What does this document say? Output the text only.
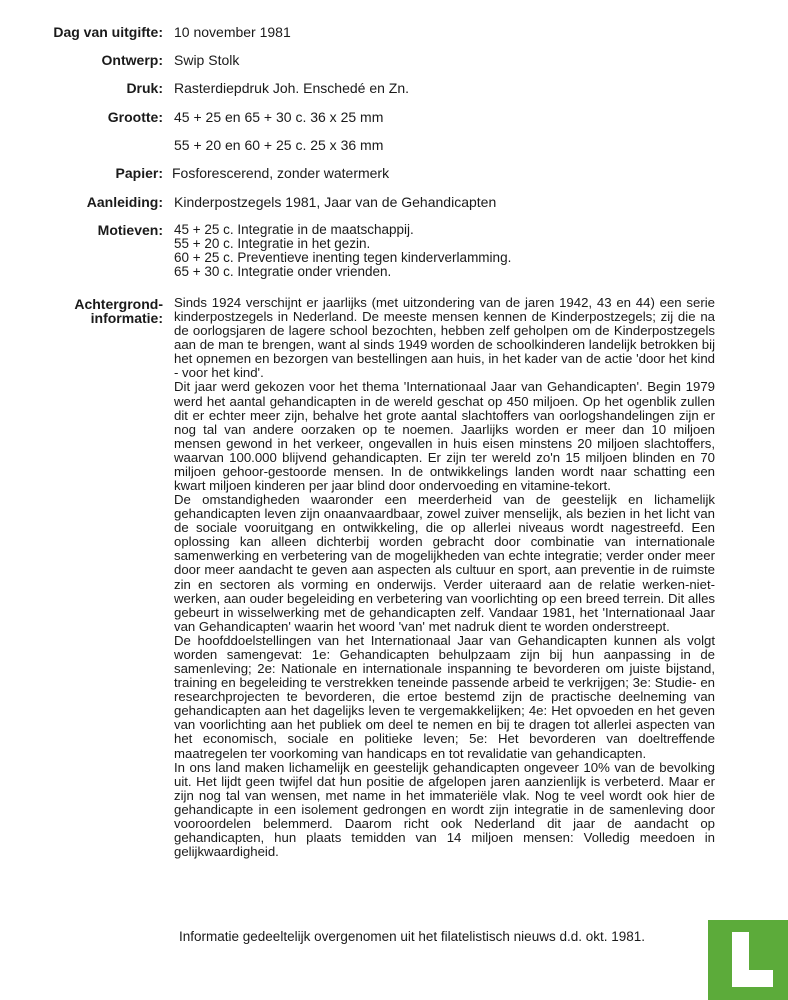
Dag van uitgifte: 10 november 1981
Ontwerp: Swip Stolk
Druk: Rasterdiepdruk Joh. Enschedé en Zn.
Grootte: 45 + 25 en 65 + 30 c. 36 x 25 mm
55 + 20 en 60 + 25 c. 25 x 36 mm
Papier: Fosforescerend, zonder watermerk
Aanleiding: Kinderpostzegels 1981, Jaar van de Gehandicapten
Motieven: 45 + 25 c. Integratie in de maatschappij.
55 + 20 c. Integratie in het gezin.
60 + 25 c. Preventieve inenting tegen kinderverlamming.
65 + 30 c. Integratie onder vrienden.
Achtergrond-
informatie:

Sinds 1924 verschijnt er jaarlijks (met uitzondering van de jaren 1942, 43 en 44) een serie kinderpostzegels in Nederland. De meeste mensen kennen de Kinderpostzegels; zij die na de oorlogsjaren de lagere school bezochten, hebben zelf geholpen om de Kinderpostzegels aan de man te brengen, want al sinds 1949 worden de schoolkinderen landelijk betrokken bij het opnemen en bezorgen van bestellingen aan huis, in het kader van de actie 'door het kind - voor het kind'.

Dit jaar werd gekozen voor het thema 'Internationaal Jaar van Gehandicapten'. Begin 1979 werd het aantal gehandicapten in de wereld geschat op 450 miljoen. Op het ogenblik zullen dit er echter meer zijn, behalve het grote aantal slachtoffers van oorlogshandelingen zijn er nog tal van andere oorzaken op te noemen. Jaarlijks worden er meer dan 10 miljoen mensen gewond in het verkeer, ongevallen in huis eisen minstens 20 miljoen slachtoffers, waarvan 100.000 blijvend gehandicapten. Er zijn ter wereld zo'n 15 miljoen blinden en 70 miljoen gehoor-gestoorde mensen. In de ontwikkelings landen wordt naar schatting een kwart miljoen kinderen per jaar blind door ondervoeding en vitamine-tekort.

De omstandigheden waaronder een meerderheid van de geestelijk en lichamelijk gehandicapten leven zijn onaanvaardbaar, zowel zuiver menselijk, als bezien in het licht van de sociale vooruitgang en ontwikkeling, die op allerlei niveaus wordt nagestreefd. Een oplossing kan alleen dichterbij worden gebracht door combinatie van internationale samenwerking en verbetering van de mogelijkheden van echte integratie; verder onder meer door meer aandacht te geven aan aspecten als cultuur en sport, aan preventie in de ruimste zin en sectoren als vorming en onderwijs. Verder uiteraard aan de relatie werken-niet-werken, aan ouder begeleiding en verbetering van voorlichting op een breed terrein. Dit alles gebeurt in wisselwerking met de gehandicapten zelf. Vandaar 1981, het 'Internationaal Jaar van Gehandicapten' waarin het woord 'van' met nadruk dient te worden onderstreept.

De hoofddoelstellingen van het Internationaal Jaar van Gehandicapten kunnen als volgt worden samengevat: 1e: Gehandicapten behulpzaam zijn bij hun aanpassing in de samenleving; 2e: Nationale en internationale inspanning te bevorderen om juiste bijstand, training en begeleiding te verstrekken teneinde passende arbeid te verkrijgen; 3e: Studie- en researchprojecten te bevorderen, die ertoe bestemd zijn de practische deelneming van gehandicapten aan het dagelijks leven te vergemakkelijken; 4e: Het opvoeden en het geven van voorlichting aan het publiek om deel te nemen en bij te dragen tot allerlei aspecten van het economisch, sociale en politieke leven; 5e: Het bevorderen van doeltreffende maatregelen ter voorkoming van handicaps en tot revalidatie van gehandicapten.

In ons land maken lichamelijk en geestelijk gehandicapten ongeveer 10% van de bevolking uit. Het lijdt geen twijfel dat hun positie de afgelopen jaren aanzienlijk is verbeterd. Maar er zijn nog tal van wensen, met name in het immateriële vlak. Nog te veel wordt ook hier de gehandicapte in een isolement gedrongen en wordt zijn integratie in de samenleving door vooroordelen belemmerd. Daarom richt ook Nederland dit jaar de aandacht op gehandicapten, hun plaats temidden van 14 miljoen mensen: Volledig meedoen in gelijkwaardigheid.

Informatie gedeeltelijk overgenomen uit het filatelistisch nieuws d.d. okt. 1981.
